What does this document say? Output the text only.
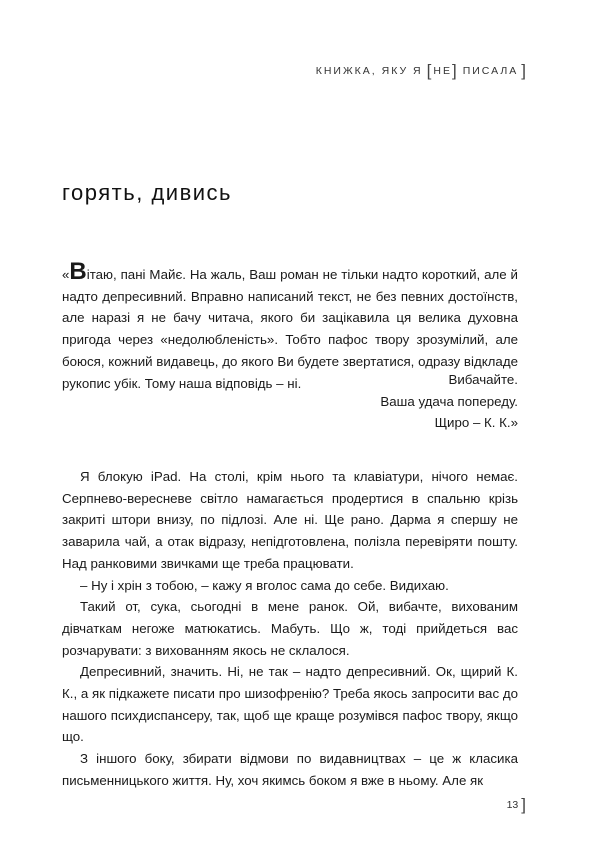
КНИЖКА, ЯКУ Я [ НЕ ] ПИСАЛА ]
горять, дивись

«Вітаю, пані Майє. На жаль, Ваш роман не тільки надто короткий, але й надто депресивний. Вправно написаний текст, не без певних достоїнств, але наразі я не бачу читача, якого би зацікавила ця велика духовна пригода через «недолюбленість». Тобто пафос твору зрозумілий, але боюся, кожний видавець, до якого Ви будете звертатися, одразу відкладе рукопис убік. Тому наша відповідь – ні.	Вибачайте.
Ваша удача попереду.
Щиро – К. К.»

Я блокую iPad. На столі, крім нього та клавіатури, нічого немає. Серпнево-вересневе світло намагається продертися в спальню крізь закриті штори внизу, по підлозі. Але ні. Ще рано. Дарма я спершу не заварила чай, а отак відразу, непідготовлена, полізла перевіряти пошту. Над ранковими звичками ще треба працювати.

– Ну і хрін з тобою, – кажу я вголос сама до себе. Видихаю.

Такий от, сука, сьогодні в мене ранок. Ой, вибачте, вихованим дівчаткам негоже матюкатись. Мабуть. Що ж, тоді прийдеться вас розчарувати: з вихованням якось не склалося.

Депресивний, значить. Ні, не так – надто депресивний. Ок, щирий К. К., а як підкажете писати про шизофренію? Треба якось запросити вас до нашого психдиспансеру, так, щоб ще краще розумівся пафос твору, якщо що.

З іншого боку, збирати відмови по видавництвах – це ж класика письменницького життя. Ну, хоч якимсь боком я вже в ньому. Але як

13 ]
